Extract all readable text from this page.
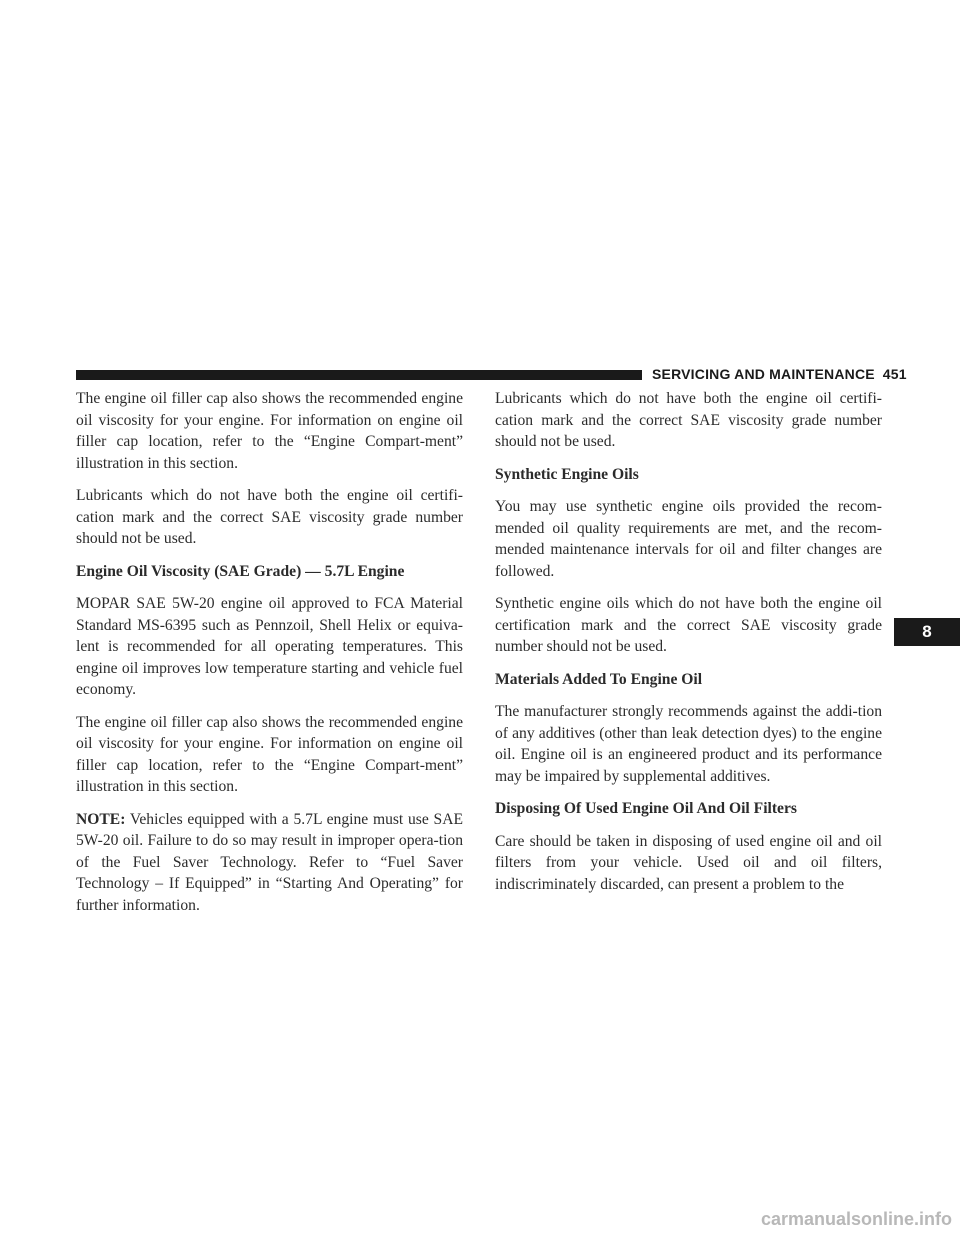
SERVICING AND MAINTENANCE 451

The engine oil filler cap also shows the recommended engine oil viscosity for your engine. For information on engine oil filler cap location, refer to the “Engine Compart-ment” illustration in this section.

Lubricants which do not have both the engine oil certifi-cation mark and the correct SAE viscosity grade number should not be used.

Engine Oil Viscosity (SAE Grade) — 5.7L Engine

MOPAR SAE 5W-20 engine oil approved to FCA Material Standard MS-6395 such as Pennzoil, Shell Helix or equiva-lent is recommended for all operating temperatures. This engine oil improves low temperature starting and vehicle fuel economy.

The engine oil filler cap also shows the recommended engine oil viscosity for your engine. For information on engine oil filler cap location, refer to the “Engine Compart-ment” illustration in this section.

NOTE: Vehicles equipped with a 5.7L engine must use SAE 5W-20 oil. Failure to do so may result in improper opera-tion of the Fuel Saver Technology. Refer to “Fuel Saver Technology – If Equipped” in “Starting And Operating” for further information.

Lubricants which do not have both the engine oil certifi-cation mark and the correct SAE viscosity grade number should not be used.

Synthetic Engine Oils

You may use synthetic engine oils provided the recom-mended oil quality requirements are met, and the recom-mended maintenance intervals for oil and filter changes are followed.

Synthetic engine oils which do not have both the engine oil certification mark and the correct SAE viscosity grade number should not be used.

Materials Added To Engine Oil

The manufacturer strongly recommends against the addi-tion of any additives (other than leak detection dyes) to the engine oil. Engine oil is an engineered product and its performance may be impaired by supplemental additives.

Disposing Of Used Engine Oil And Oil Filters

Care should be taken in disposing of used engine oil and oil filters from your vehicle. Used oil and oil filters, indiscriminately discarded, can present a problem to the

8
carmanualsonline.info
